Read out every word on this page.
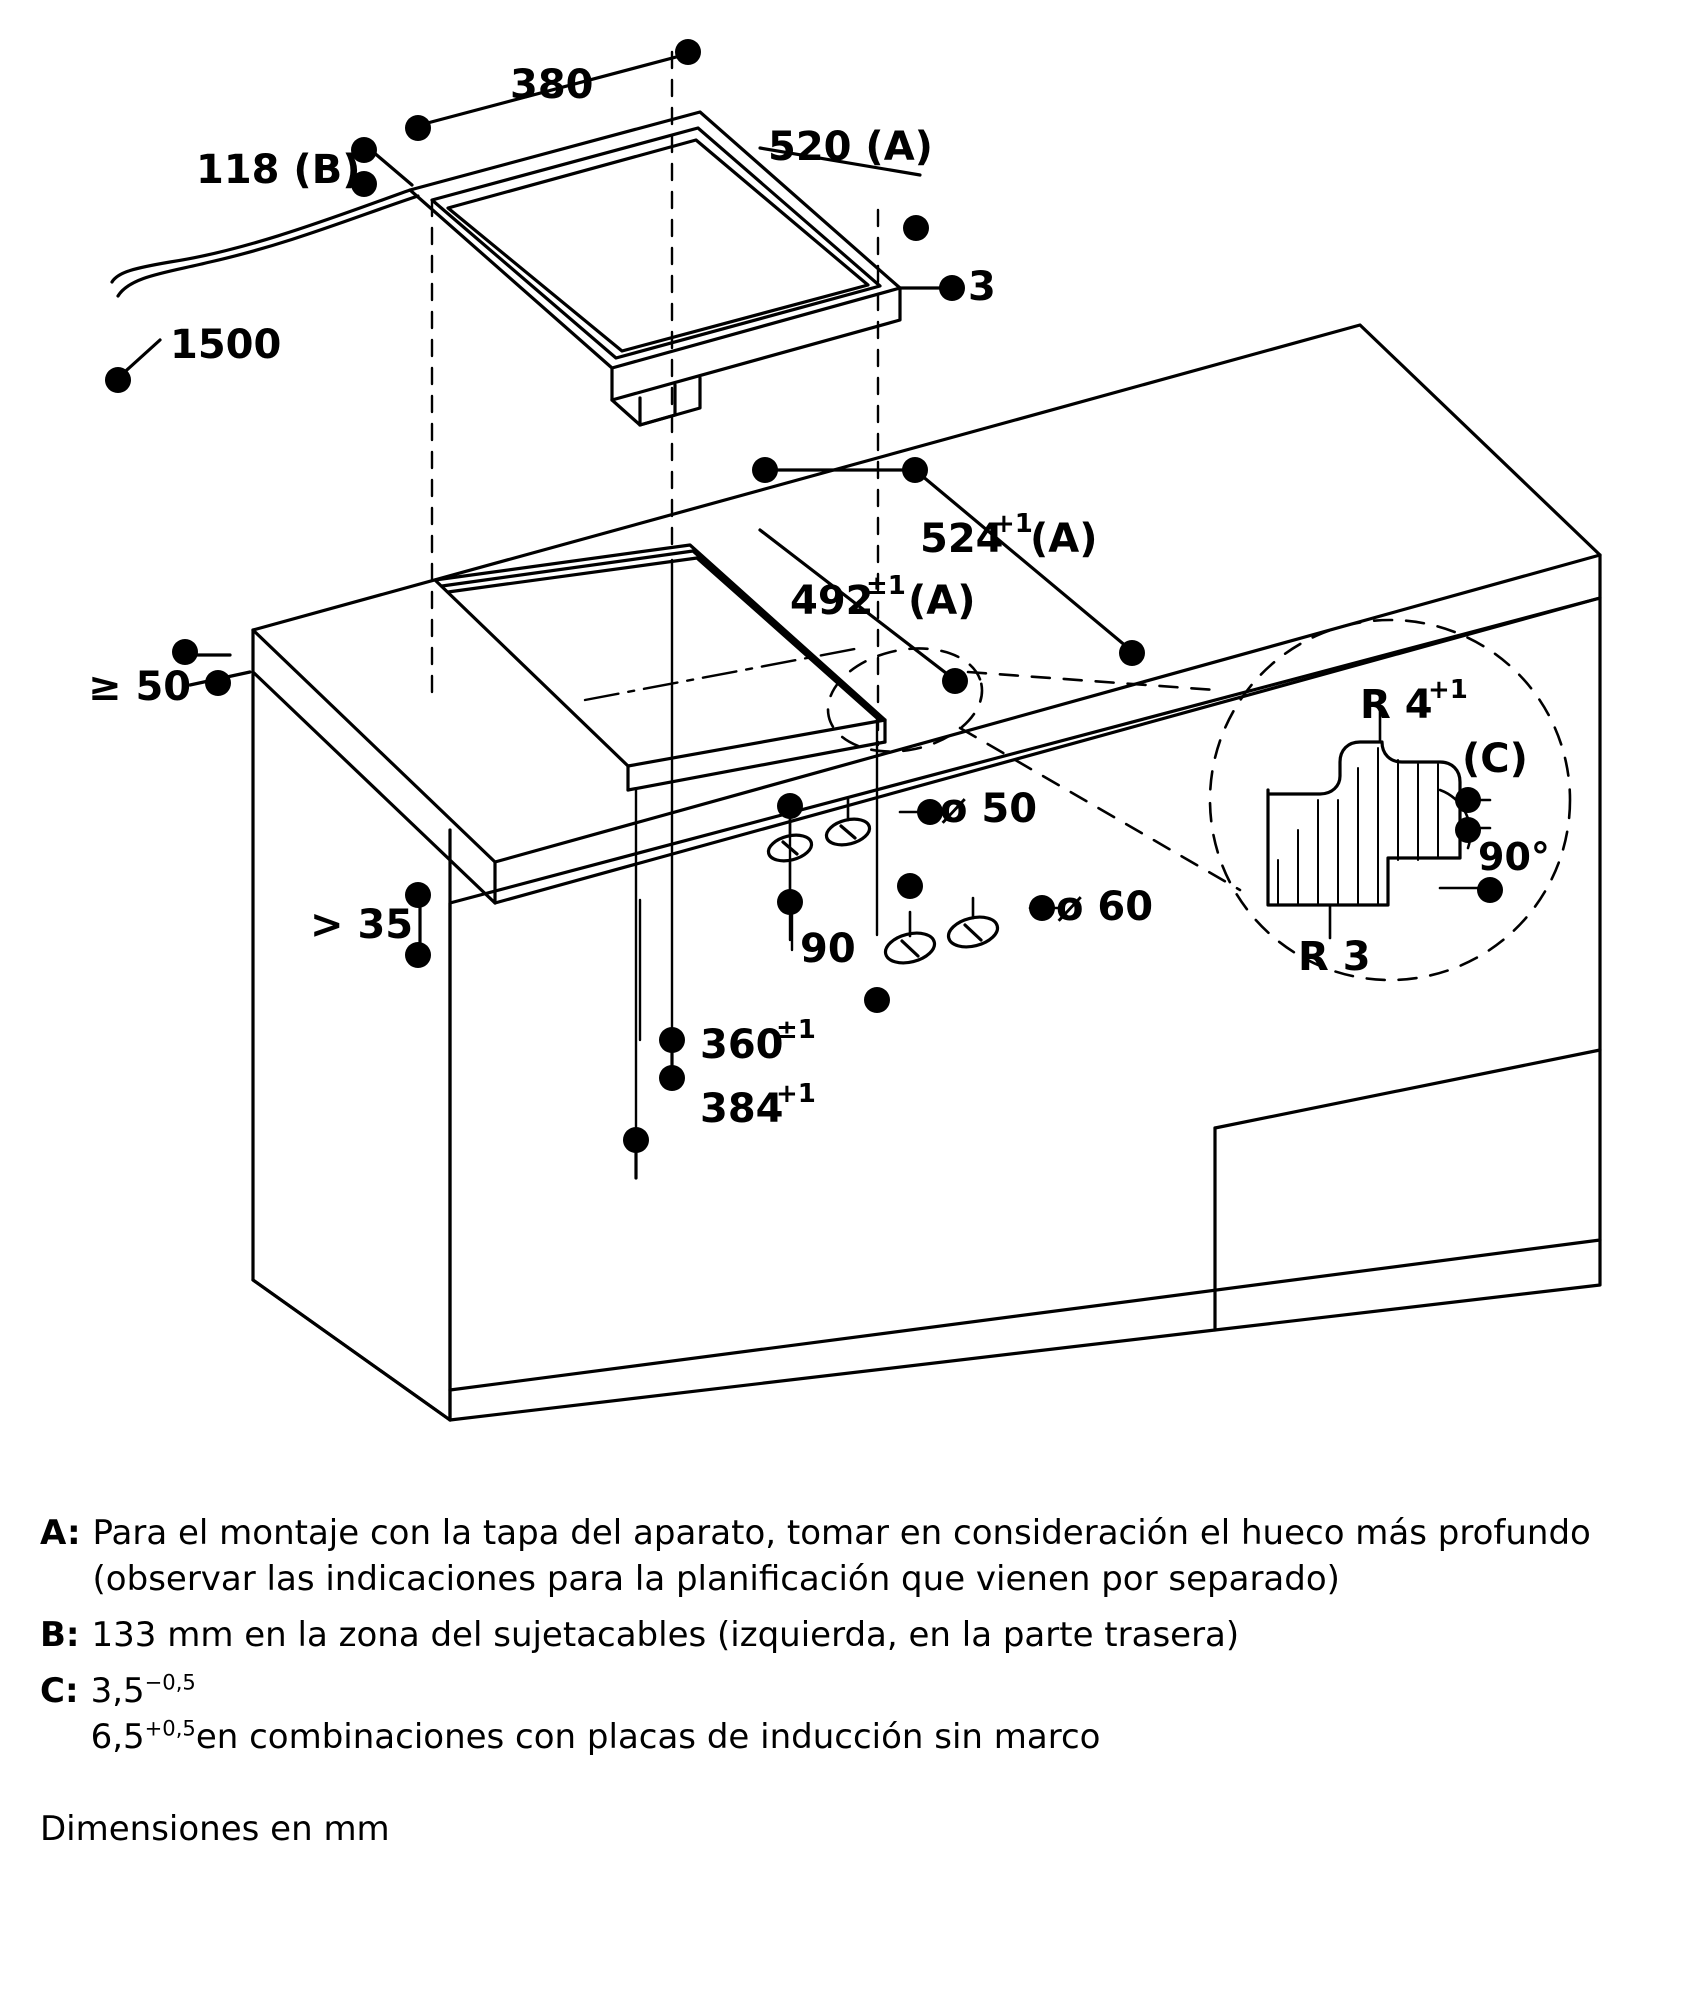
380
118 (B)	520 (A)
3
1500
524
+1
(A)
492
±1 (A)
≥ 50
> 35
ø 50
ø 60
90
360
±1
384
+1
R 4
+1
(C)
90°
R 3
A: Para el montaje con la tapa del aparato, tomar en consideración el hueco más profundo (observar las indicaciones para la planificación que vienen por separado)
B: 133 mm en la zona del sujetacables (izquierda, en la parte trasera)
C: $3,5^{-0,5}$
$6,5^{+0,5}en$ combinaciones con placas de inducción sin marco
Dimensiones en mm
